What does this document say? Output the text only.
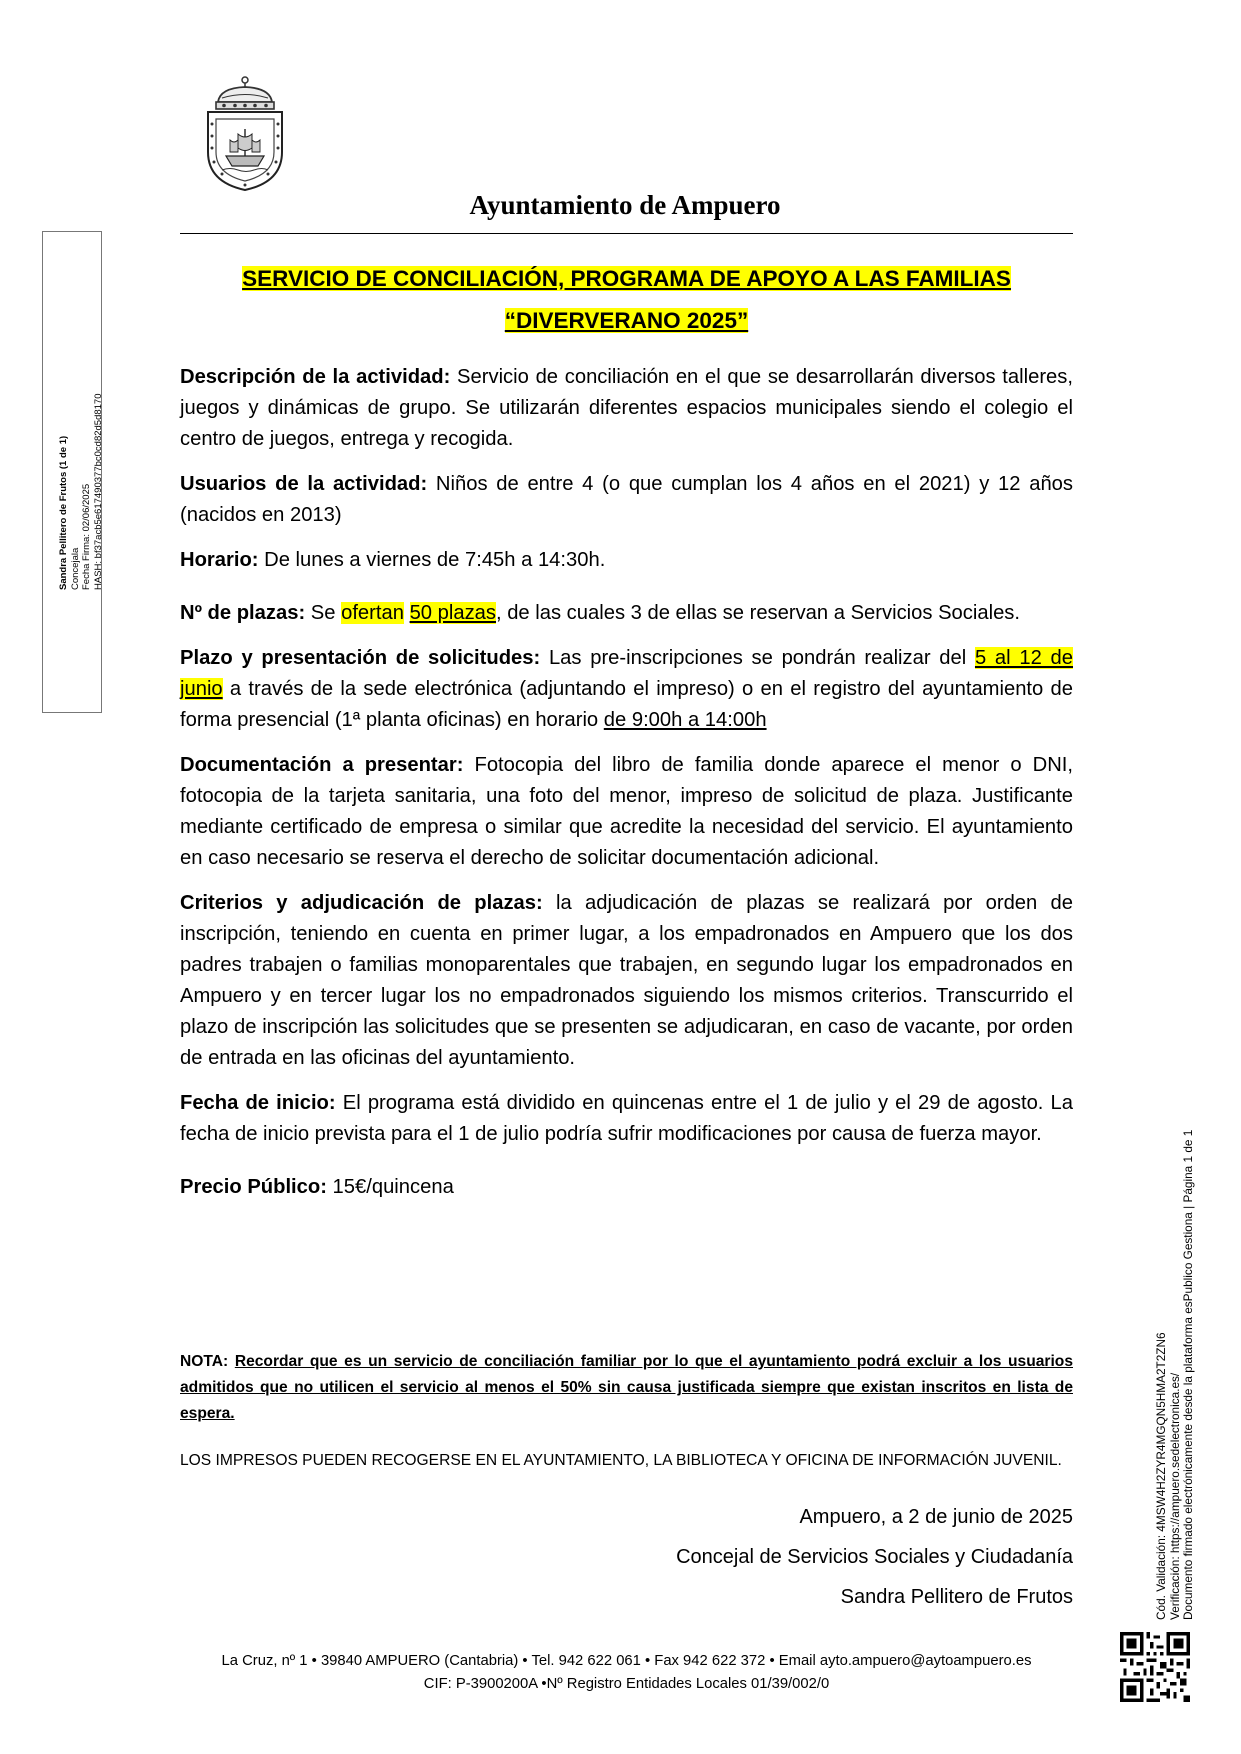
Ayuntamiento de Ampuero
Sandra Pellitero de Frutos (1 de 1) Concejala Fecha Firma: 02/06/2025 HASH: bf37acb5e617490377bc0cd82d5d8170
Cód. Validación: 4MSW4H2ZYR4MGQN5HMA2T2ZN6 Verificación: https://ampuero.sedelectronica.es/ Documento firmado electrónicamente desde la plataforma esPublico Gestiona | Página 1 de 1
SERVICIO DE CONCILIACIÓN, PROGRAMA DE APOYO A LAS FAMILIAS
“DIVERVERANO 2025”

Descripción de la actividad: Servicio de conciliación en el que se desarrollarán diversos talleres, juegos y dinámicas de grupo. Se utilizarán diferentes espacios municipales siendo el colegio el centro de juegos, entrega y recogida.

Usuarios de la actividad: Niños de entre 4 (o que cumplan los 4 años en el 2021) y 12 años (nacidos en 2013)

Horario: De lunes a viernes de 7:45h a 14:30h.

Nº de plazas: Se ofertan 50 plazas, de las cuales 3 de ellas se reservan a Servicios Sociales.

Plazo y presentación de solicitudes: Las pre-inscripciones se pondrán realizar del 5 al 12 de junio a través de la sede electrónica (adjuntando el impreso) o en el registro del ayuntamiento de forma presencial (1ª planta oficinas) en horario de 9:00h a 14:00h

Documentación a presentar: Fotocopia del libro de familia donde aparece el menor o DNI, fotocopia de la tarjeta sanitaria, una foto del menor, impreso de solicitud de plaza. Justificante mediante certificado de empresa o similar que acredite la necesidad del servicio. El ayuntamiento en caso necesario se reserva el derecho de solicitar documentación adicional.

Criterios y adjudicación de plazas: la adjudicación de plazas se realizará por orden de inscripción, teniendo en cuenta en primer lugar, a los empadronados en Ampuero que los dos padres trabajen o familias monoparentales que trabajen, en segundo lugar los empadronados en Ampuero y en tercer lugar los no empadronados siguiendo los mismos criterios. Transcurrido el plazo de inscripción las solicitudes que se presenten se adjudicaran, en caso de vacante, por orden de entrada en las oficinas del ayuntamiento.

Fecha de inicio: El programa está dividido en quincenas entre el 1 de julio y el 29 de agosto. La fecha de inicio prevista para el 1 de julio podría sufrir modificaciones por causa de fuerza mayor.

Precio Público: 15€/quincena

NOTA: Recordar que es un servicio de conciliación familiar por lo que el ayuntamiento podrá excluir a los usuarios admitidos que no utilicen el servicio al menos el 50% sin causa justificada siempre que existan inscritos en lista de espera.
LOS IMPRESOS PUEDEN RECOGERSE EN EL AYUNTAMIENTO, LA BIBLIOTECA Y OFICINA DE INFORMACIÓN JUVENIL.
Ampuero, a 2 de junio de 2025
Concejal de Servicios Sociales y Ciudadanía
Sandra Pellitero de Frutos
La Cruz, nº 1 • 39840 AMPUERO (Cantabria) • Tel. 942 622 061 • Fax 942 622 372 • Email ayto.ampuero@aytoampuero.es
CIF: P-3900200A •Nº Registro Entidades Locales 01/39/002/0
